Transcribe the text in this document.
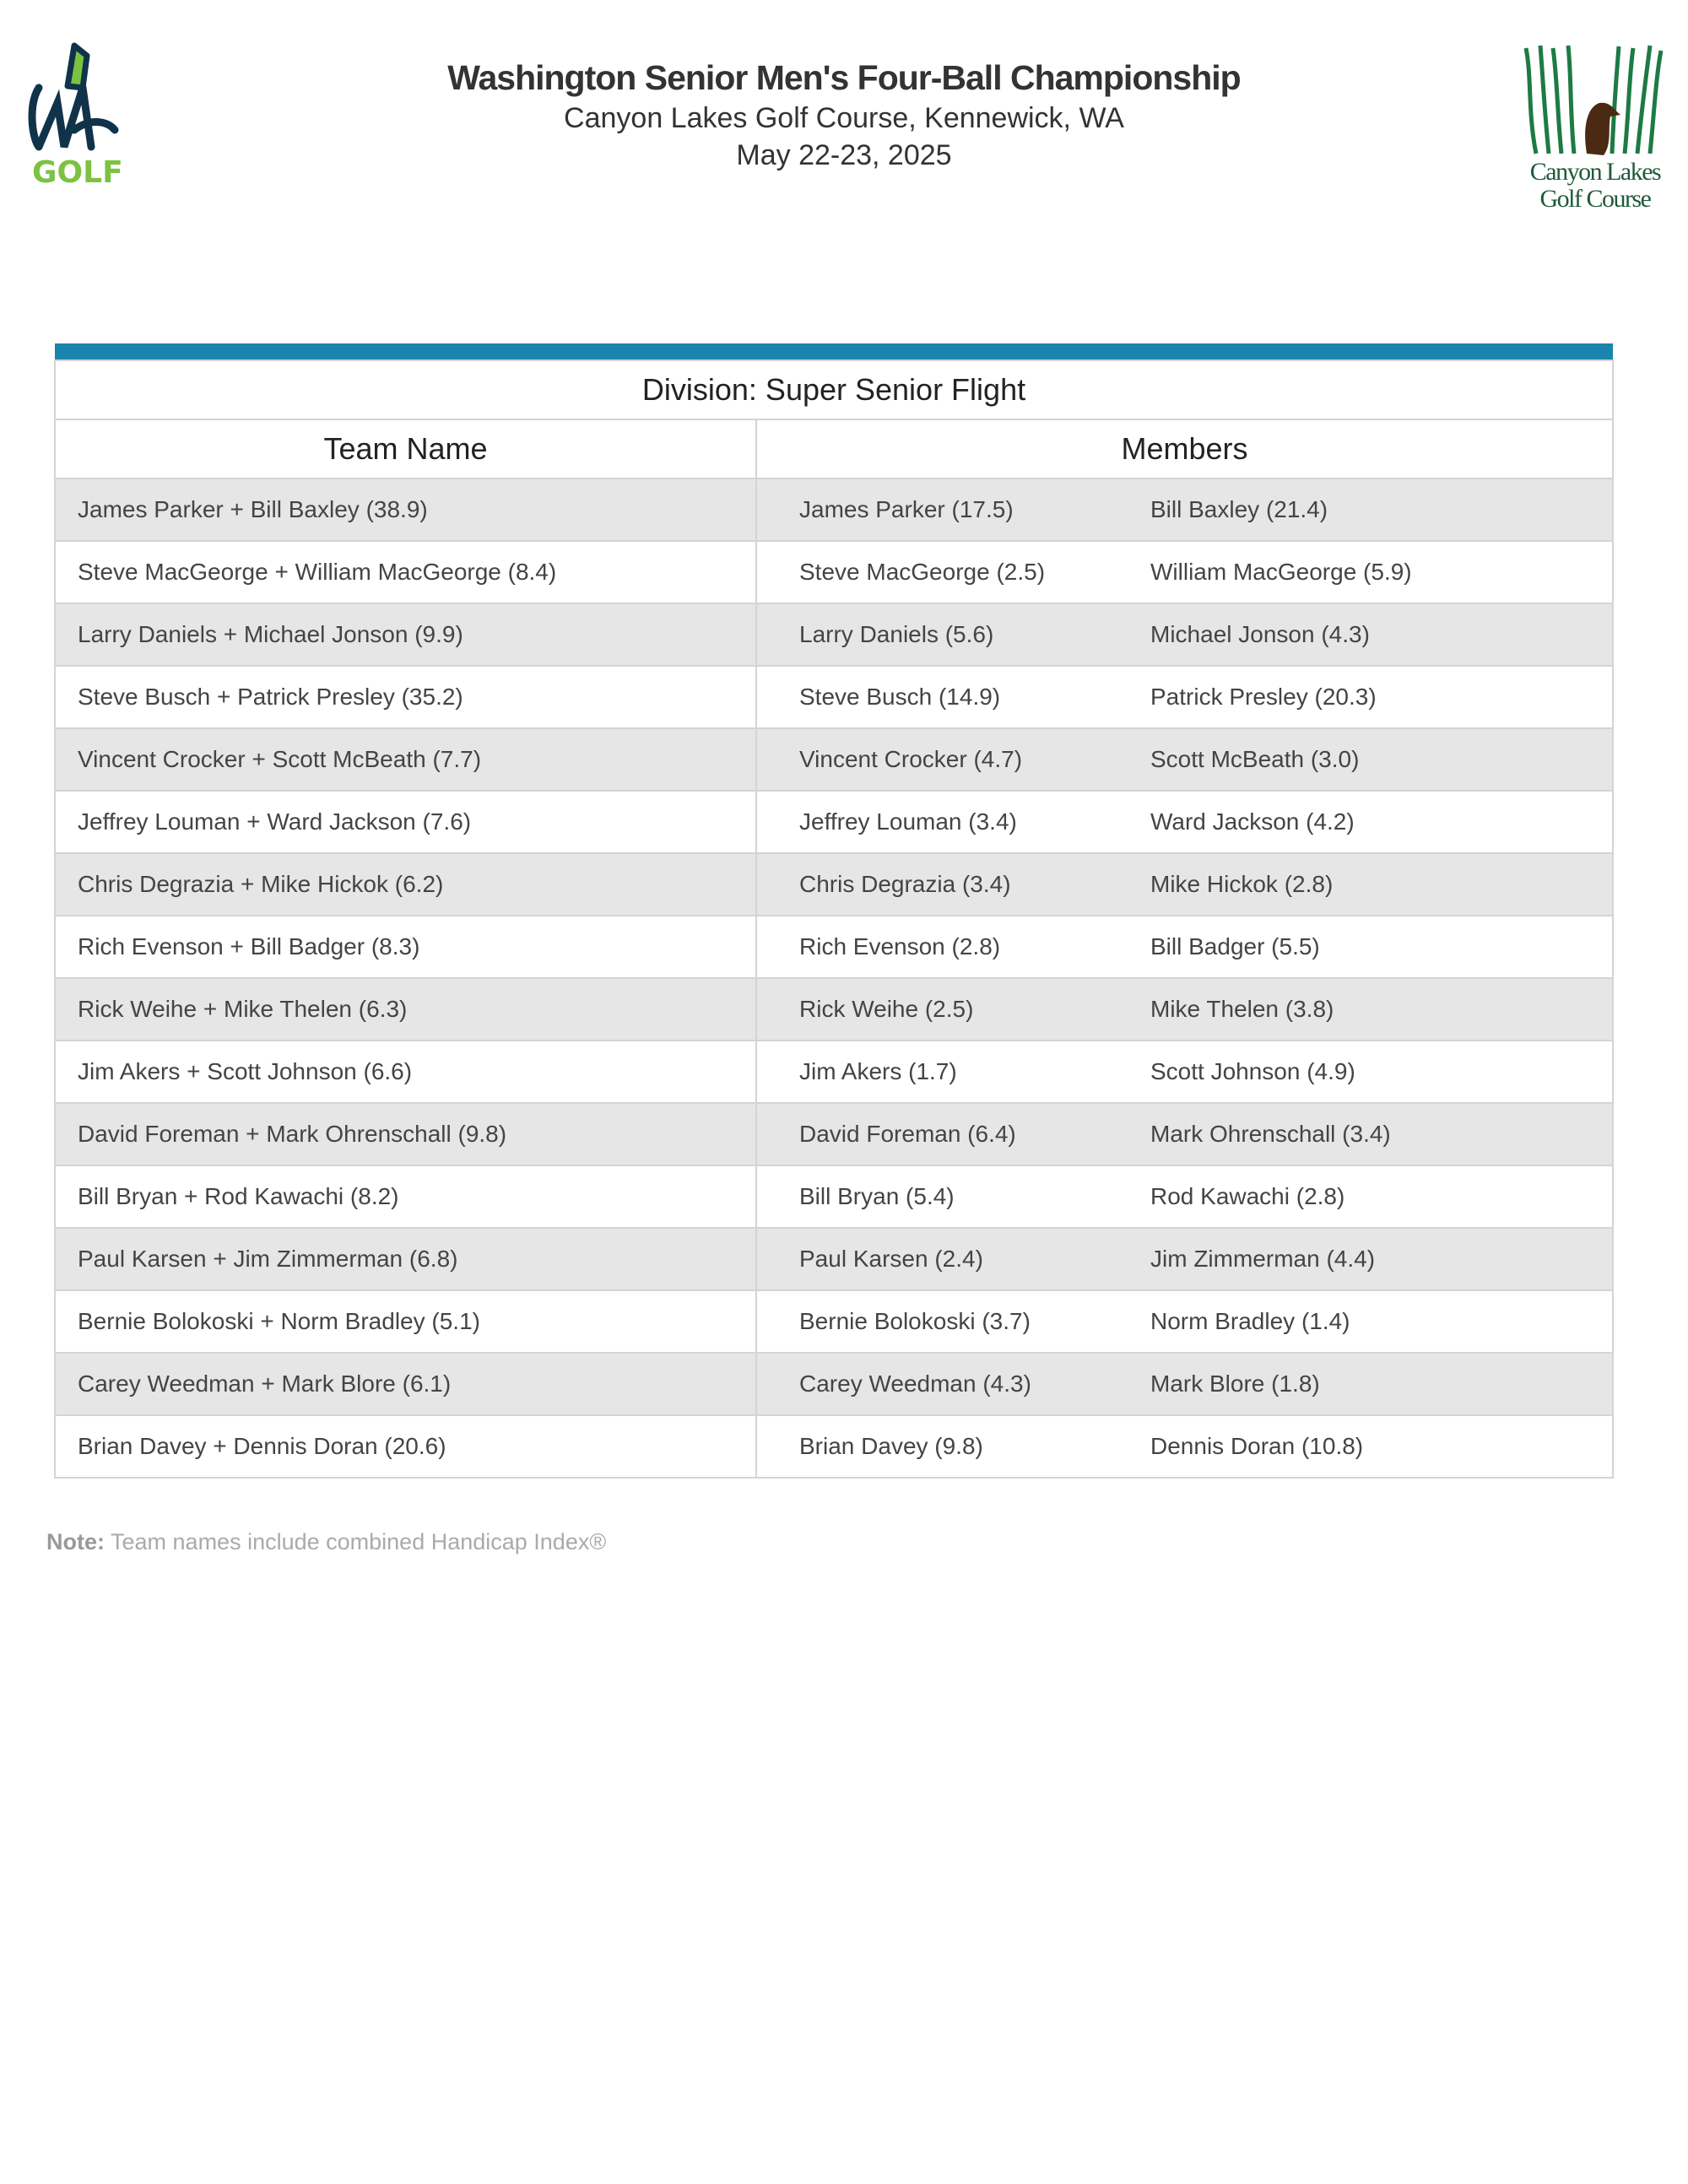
GOLF
Washington Senior Men's Four-Ball Championship
Canyon Lakes Golf Course, Kennewick, WA
May 22-23, 2025
Canyon Lakes
Golf Course

Division: Super Senior Flight	
Team Name	Members
James Parker + Bill Baxley (38.9)	James Parker (17.5) Bill Baxley (21.4)

Steve MacGeorge + William MacGeorge (8.4)	Steve MacGeorge (2.5) William MacGeorge (5.9)

Larry Daniels + Michael Jonson (9.9)	Larry Daniels (5.6) Michael Jonson (4.3)

Steve Busch + Patrick Presley (35.2)	Steve Busch (14.9) Patrick Presley (20.3)

Vincent Crocker + Scott McBeath (7.7)	Vincent Crocker (4.7) Scott McBeath (3.0)

Jeffrey Louman + Ward Jackson (7.6)	Jeffrey Louman (3.4) Ward Jackson (4.2)

Chris Degrazia + Mike Hickok (6.2)	Chris Degrazia (3.4) Mike Hickok (2.8)

Rich Evenson + Bill Badger (8.3)	Rich Evenson (2.8) Bill Badger (5.5)

Rick Weihe + Mike Thelen (6.3)	Rick Weihe (2.5) Mike Thelen (3.8)

Jim Akers + Scott Johnson (6.6)	Jim Akers (1.7) Scott Johnson (4.9)

David Foreman + Mark Ohrenschall (9.8)	David Foreman (6.4) Mark Ohrenschall (3.4)

Bill Bryan + Rod Kawachi (8.2)	Bill Bryan (5.4) Rod Kawachi (2.8)

Paul Karsen + Jim Zimmerman (6.8)	Paul Karsen (2.4) Jim Zimmerman (4.4)

Bernie Bolokoski + Norm Bradley (5.1)	Bernie Bolokoski (3.7) Norm Bradley (1.4)

Carey Weedman + Mark Blore (6.1)	Carey Weedman (4.3) Mark Blore (1.8)

Brian Davey + Dennis Doran (20.6)	Brian Davey (9.8) Dennis Doran (10.8)
Note: Team names include combined Handicap Index®
